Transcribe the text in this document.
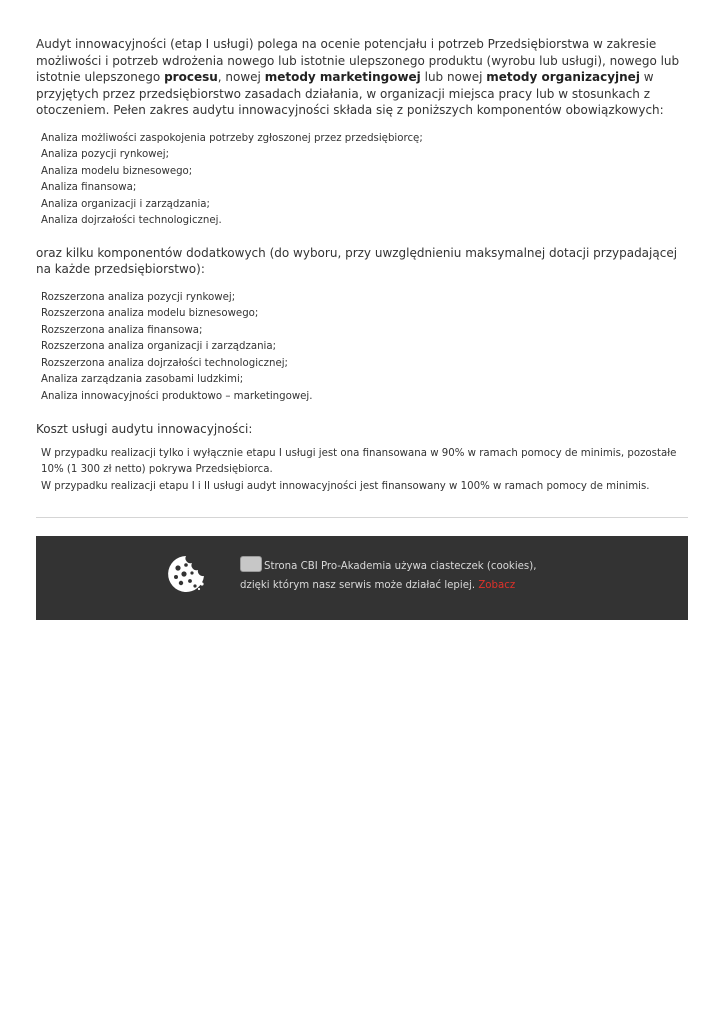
Audyt innowacyjności (etap I usługi) polega na ocenie potencjału i potrzeb Przedsiębiorstwa w zakresie możliwości i potrzeb wdrożenia nowego lub istotnie ulepszonego produktu (wyrobu lub usługi), nowego lub istotnie ulepszonego procesu, nowej metody marketingowej lub nowej metody organizacyjnej w przyjętych przez przedsiębiorstwo zasadach działania, w organizacji miejsca pracy lub w stosunkach z otoczeniem. Pełen zakres audytu innowacyjności składa się z poniższych komponentów obowiązkowych:

Analiza możliwości zaspokojenia potrzeby zgłoszonej przez przedsiębiorcę;
Analiza pozycji rynkowej;
Analiza modelu biznesowego;
Analiza finansowa;
Analiza organizacji i zarządzania;
Analiza dojrzałości technologicznej.

oraz kilku komponentów dodatkowych (do wyboru, przy uwzględnieniu maksymalnej dotacji przypadającej na każde przedsiębiorstwo):

Rozszerzona analiza pozycji rynkowej;
Rozszerzona analiza modelu biznesowego;
Rozszerzona analiza finansowa;
Rozszerzona analiza organizacji i zarządzania;
Rozszerzona analiza dojrzałości technologicznej;
Analiza zarządzania zasobami ludzkimi;
Analiza innowacyjności produktowo – marketingowej.

Koszt usługi audytu innowacyjności:

W przypadku realizacji tylko i wyłącznie etapu I usługi jest ona finansowana w 90% w ramach pomocy de minimis, pozostałe 10% (1 300 zł netto) pokrywa Przedsiębiorca.
W przypadku realizacji etapu I i II usługi audyt innowacyjności jest finansowany w 100% w ramach pomocy de minimis.
Strona CBI Pro-Akademia używa ciasteczek (cookies),
dzięki którym nasz serwis może działać lepiej. Zobacz
